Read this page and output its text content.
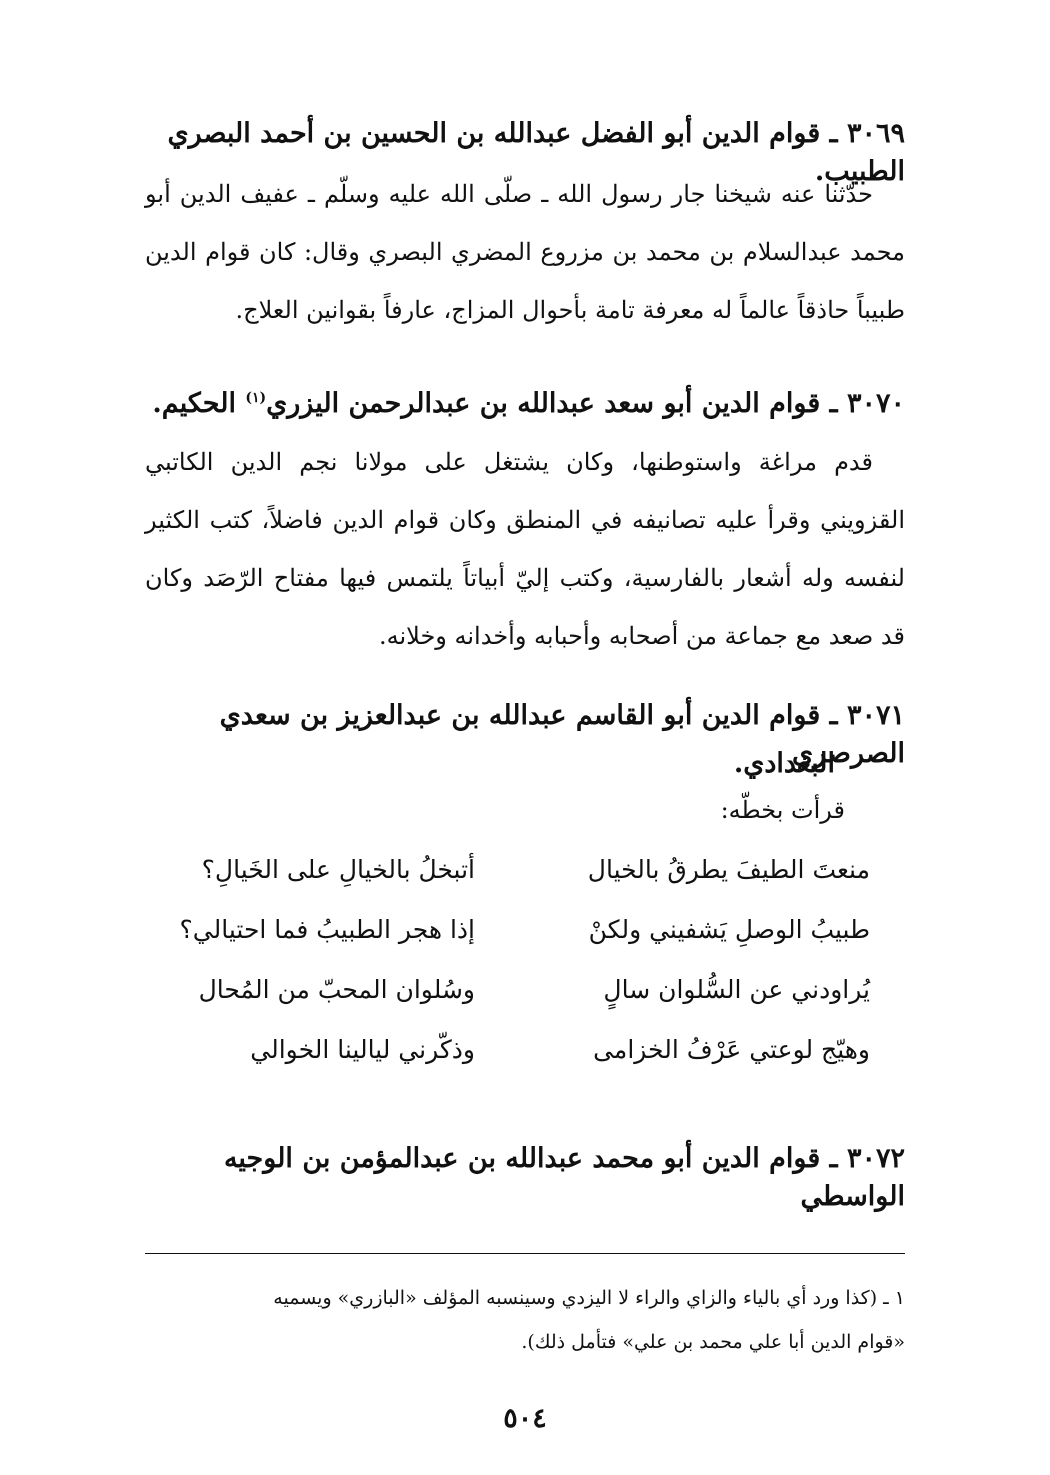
٣٠٦٩ ـ قوام الدين أبو الفضل عبدالله بن الحسين بن أحمد البصري الطبيب.
حدّثنا عنه شيخنا جار رسول الله ـ صلّى الله عليه وسلّم ـ عفيف الدين أبو محمد عبدالسلام بن محمد بن مزروع المضري البصري وقال: كان قوام الدين طبيباً حاذقاً عالماً له معرفة تامة بأحوال المزاج، عارفاً بقوانين العلاج.
٣٠٧٠ ـ قوام الدين أبو سعد عبدالله بن عبدالرحمن اليزري$^{(١)}$ الحكيم.
قدم مراغة واستوطنها، وكان يشتغل على مولانا نجم الدين الكاتبي القزويني وقرأ عليه تصانيفه في المنطق وكان قوام الدين فاضلاً، كتب الكثير لنفسه وله أشعار بالفارسية، وكتب إليّ أبياتاً يلتمس فيها مفتاح الرّصَد وكان قد صعد مع جماعة من أصحابه وأحبابه وأخدانه وخلانه.
٣٠٧١ ـ قوام الدين أبو القاسم عبدالله بن عبدالعزيز بن سعدي الصرصري
البغدادي.
قرأت بخطّه:
منعتَ الطيفَ يطرقُ بالخيال
أتبخلُ بالخيالِ على الخَيالِ؟
طبيبُ الوصلِ يَشفيني ولكنْ
إذا هجر الطبيبُ فما احتيالي؟
يُراودني عن السُّلوان سالٍ
وسُلوان المحبّ من المُحال
وهيّج لوعتي عَرْفُ الخزامى
وذكّرني ليالينا الخوالي
٣٠٧٢ ـ قوام الدين أبو محمد عبدالله بن عبدالمؤمن بن الوجيه الواسطي
١ ـ (كذا ورد أي بالياء والزاي والراء لا اليزدي وسينسبه المؤلف «البازري» ويسميه
«قوام الدين أبا علي محمد بن علي» فتأمل ذلك).
٥٠٤
